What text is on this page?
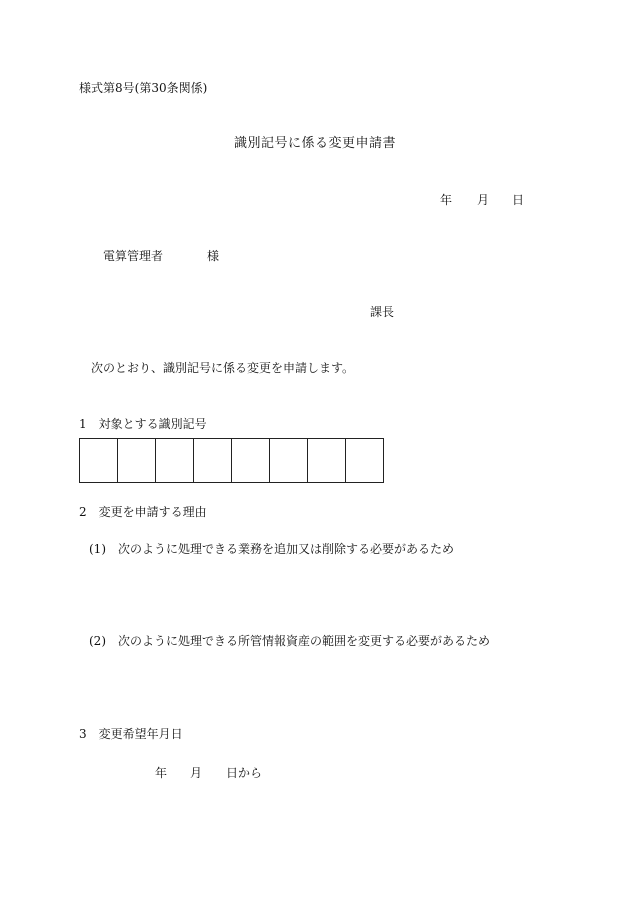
様式第8号(第30条関係)
識別記号に係る変更申請書
年 月 日
電算管理者	様
課長
次のとおり、識別記号に係る変更を申請します。
1　対象とする識別記号
2　変更を申請する理由
(1)　次のように処理できる業務を追加又は削除する必要があるため
(2)　次のように処理できる所管情報資産の範囲を変更する必要があるため
3　変更希望年月日
年 月 日から
